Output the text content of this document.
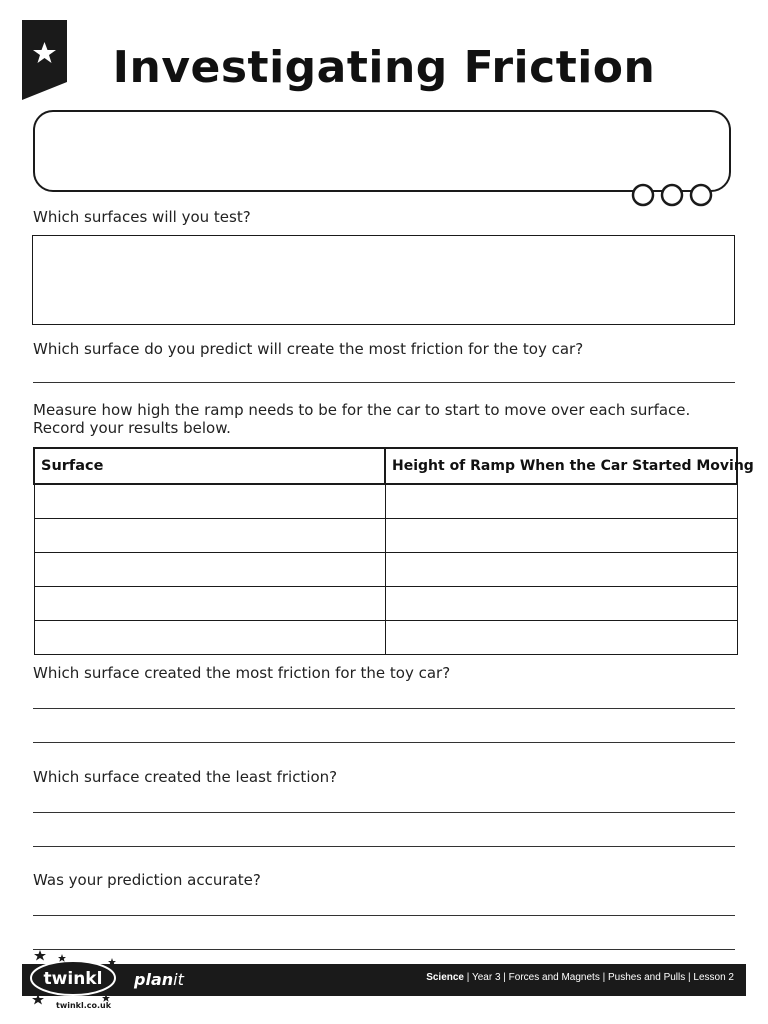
Investigating Friction
Which surfaces will you test?
Which surface do you predict will create the most friction for the toy car?
Measure how high the ramp needs to be for the car to start to move over each surface.
Record your results below.
Surface	Height of Ramp When the Car Started Moving

Which surface created the most friction for the toy car?
Which surface created the least friction?
Was your prediction accurate?
twinkl
twinkl.co.uk
planit	Science | Year 3 | Forces and Magnets | Pushes and Pulls | Lesson 2
